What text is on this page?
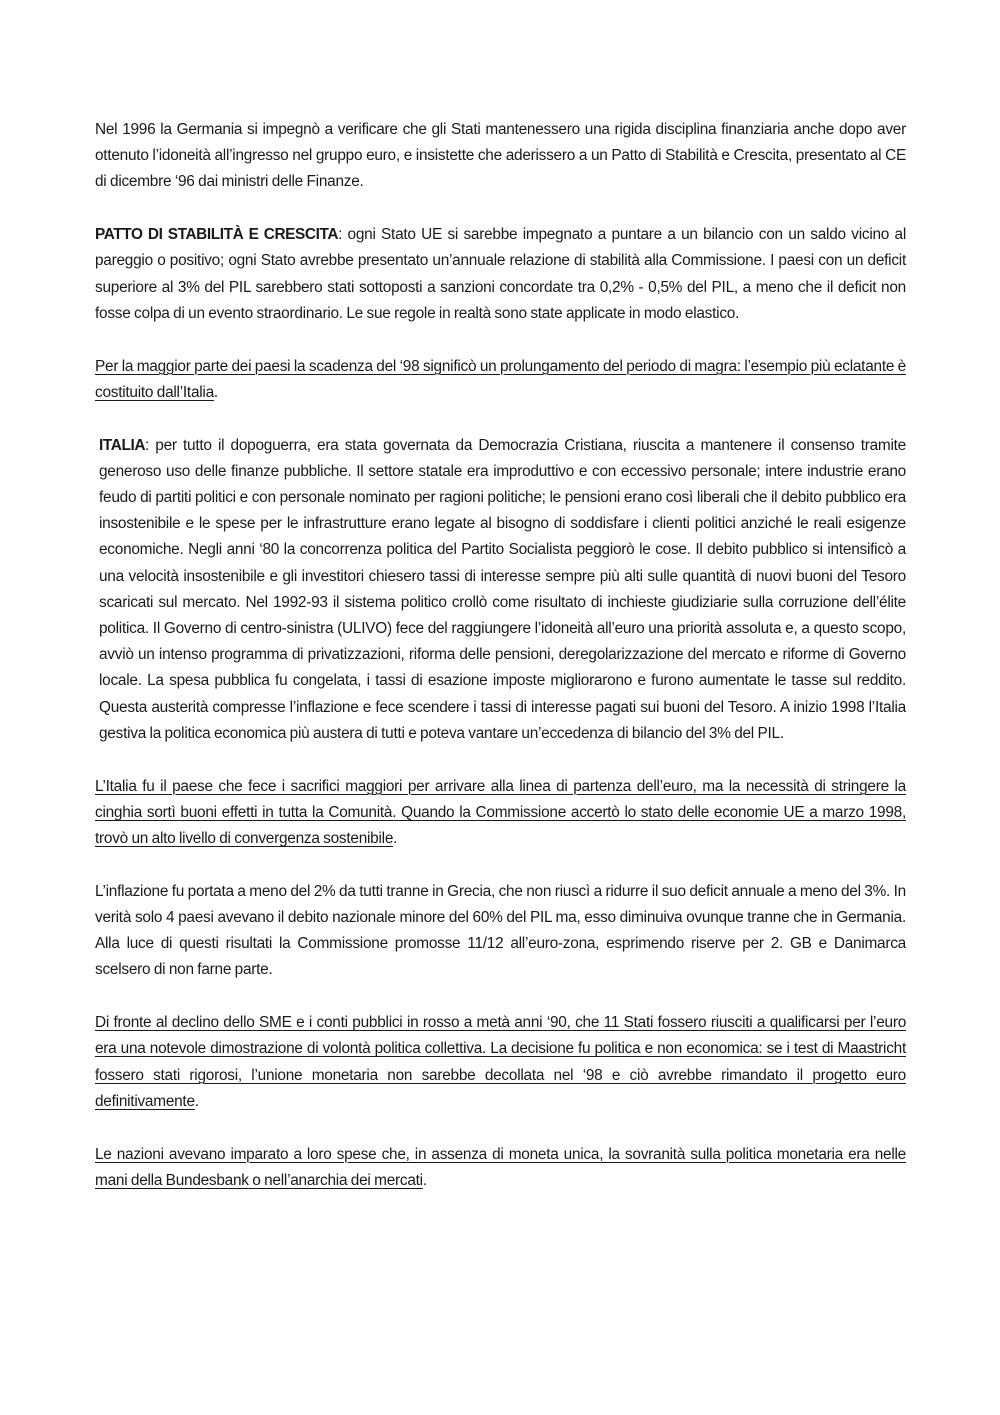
Nel 1996 la Germania si impegnò a verificare che gli Stati mantenessero una rigida disciplina finanziaria anche dopo aver ottenuto l’idoneità all’ingresso nel gruppo euro, e insistette che aderissero a un Patto di Stabilità e Crescita, presentato al CE di dicembre ‘96 dai ministri delle Finanze.

PATTO DI STABILITÀ E CRESCITA: ogni Stato UE si sarebbe impegnato a puntare a un bilancio con un saldo vicino al pareggio o positivo; ogni Stato avrebbe presentato un’annuale relazione di stabilità alla Commissione. I paesi con un deficit superiore al 3% del PIL sarebbero stati sottoposti a sanzioni concordate tra 0,2% - 0,5% del PIL, a meno che il deficit non fosse colpa di un evento straordinario. Le sue regole in realtà sono state applicate in modo elastico.

Per la maggior parte dei paesi la scadenza del ‘98 significò un prolungamento del periodo di magra: l’esempio più eclatante è costituito dall’Italia.

ITALIA: per tutto il dopoguerra, era stata governata da Democrazia Cristiana, riuscita a mantenere il consenso tramite generoso uso delle finanze pubbliche. Il settore statale era improduttivo e con eccessivo personale; intere industrie erano feudo di partiti politici e con personale nominato per ragioni politiche; le pensioni erano così liberali che il debito pubblico era insostenibile e le spese per le infrastrutture erano legate al bisogno di soddisfare i clienti politici anziché le reali esigenze economiche. Negli anni ‘80 la concorrenza politica del Partito Socialista peggiorò le cose. Il debito pubblico si intensificò a una velocità insostenibile e gli investitori chiesero tassi di interesse sempre più alti sulle quantità di nuovi buoni del Tesoro scaricati sul mercato. Nel 1992-93 il sistema politico crollò come risultato di inchieste giudiziarie sulla corruzione dell’élite politica. Il Governo di centro-sinistra (ULIVO) fece del raggiungere l’idoneità all’euro una priorità assoluta e, a questo scopo, avviò un intenso programma di privatizzazioni, riforma delle pensioni, deregolarizzazione del mercato e riforme di Governo locale. La spesa pubblica fu congelata, i tassi di esazione imposte migliorarono e furono aumentate le tasse sul reddito. Questa austerità compresse l’inflazione e fece scendere i tassi di interesse pagati sui buoni del Tesoro. A inizio 1998 l’Italia gestiva la politica economica più austera di tutti e poteva vantare un’eccedenza di bilancio del 3% del PIL.

L’Italia fu il paese che fece i sacrifici maggiori per arrivare alla linea di partenza dell’euro, ma la necessità di stringere la cinghia sortì buoni effetti in tutta la Comunità. Quando la Commissione accertò lo stato delle economie UE a marzo 1998, trovò un alto livello di convergenza sostenibile.

L’inflazione fu portata a meno del 2% da tutti tranne in Grecia, che non riuscì a ridurre il suo deficit annuale a meno del 3%. In verità solo 4 paesi avevano il debito nazionale minore del 60% del PIL ma, esso diminuiva ovunque tranne che in Germania. Alla luce di questi risultati la Commissione promosse 11/12 all’euro-zona, esprimendo riserve per 2. GB e Danimarca scelsero di non farne parte.

Di fronte al declino dello SME e i conti pubblici in rosso a metà anni ‘90, che 11 Stati fossero riusciti a qualificarsi per l’euro era una notevole dimostrazione di volontà politica collettiva. La decisione fu politica e non economica: se i test di Maastricht fossero stati rigorosi, l’unione monetaria non sarebbe decollata nel ‘98 e ciò avrebbe rimandato il progetto euro definitivamente.

Le nazioni avevano imparato a loro spese che, in assenza di moneta unica, la sovranità sulla politica monetaria era nelle mani della Bundesbank o nell’anarchia dei mercati.
